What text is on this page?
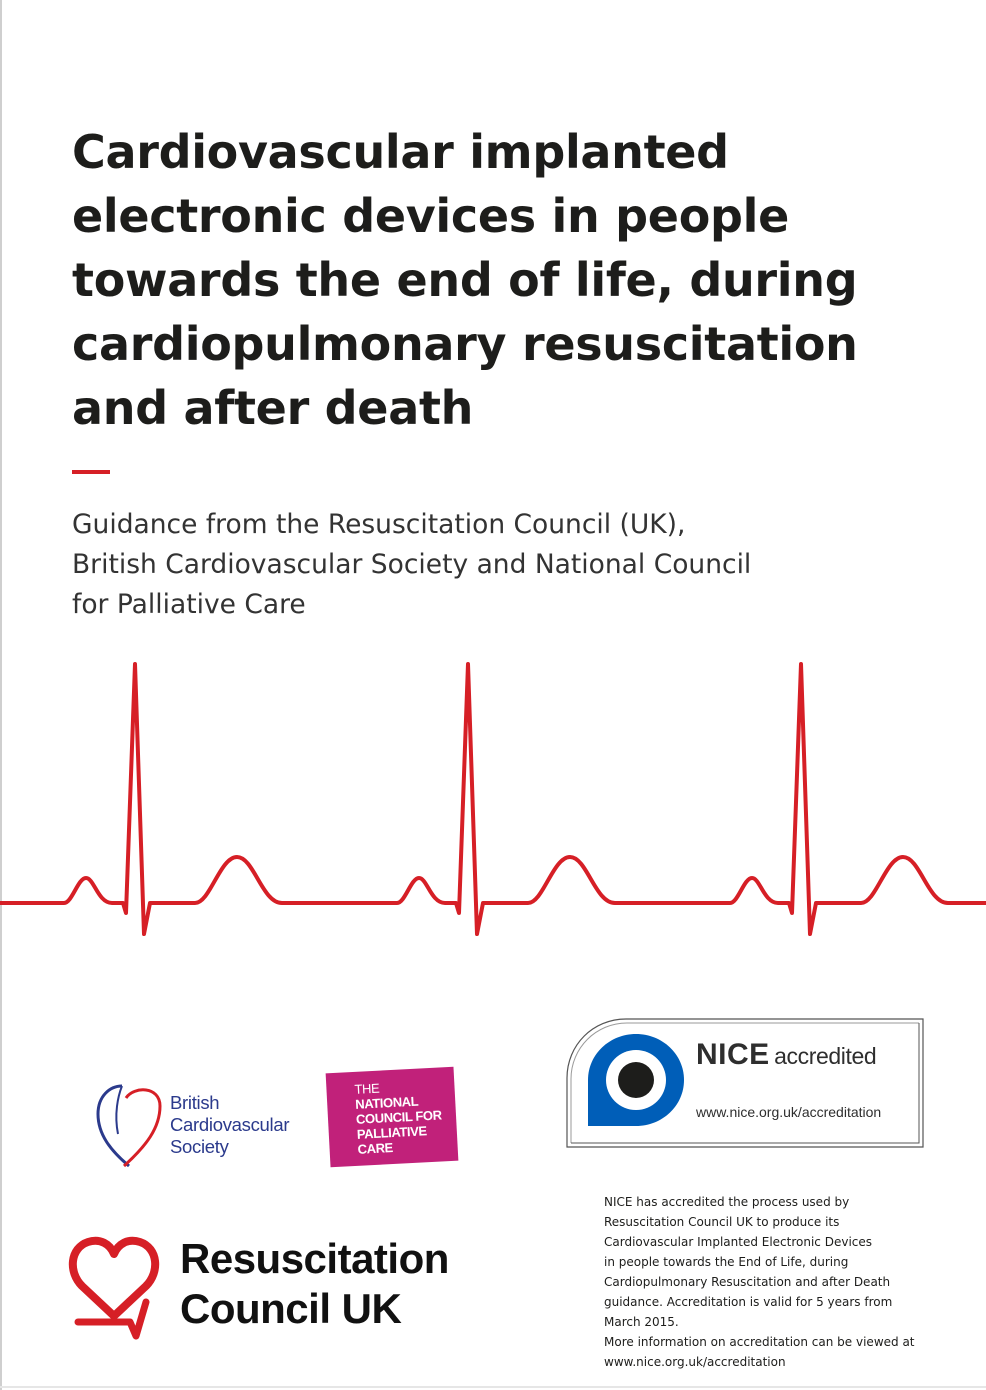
Cardiovascular implanted
electronic devices in people
towards the end of life, during
cardiopulmonary resuscitation
and after death
Guidance from the Resuscitation Council (UK),
British Cardiovascular Society and National Council
for Palliative Care
British
Cardiovascular
Society
THE
NATIONAL
COUNCIL FOR
PALLIATIVE
CARE
NICE accredited
www.nice.org.uk/accreditation
Resuscitation
Council UK

NICE has accredited the process used by
Resuscitation Council UK to produce its
Cardiovascular Implanted Electronic Devices
in people towards the End of Life, during
Cardiopulmonary Resuscitation and after Death
guidance. Accreditation is valid for 5 years from
March 2015.
More information on accreditation can be viewed at
www.nice.org.uk/accreditation
